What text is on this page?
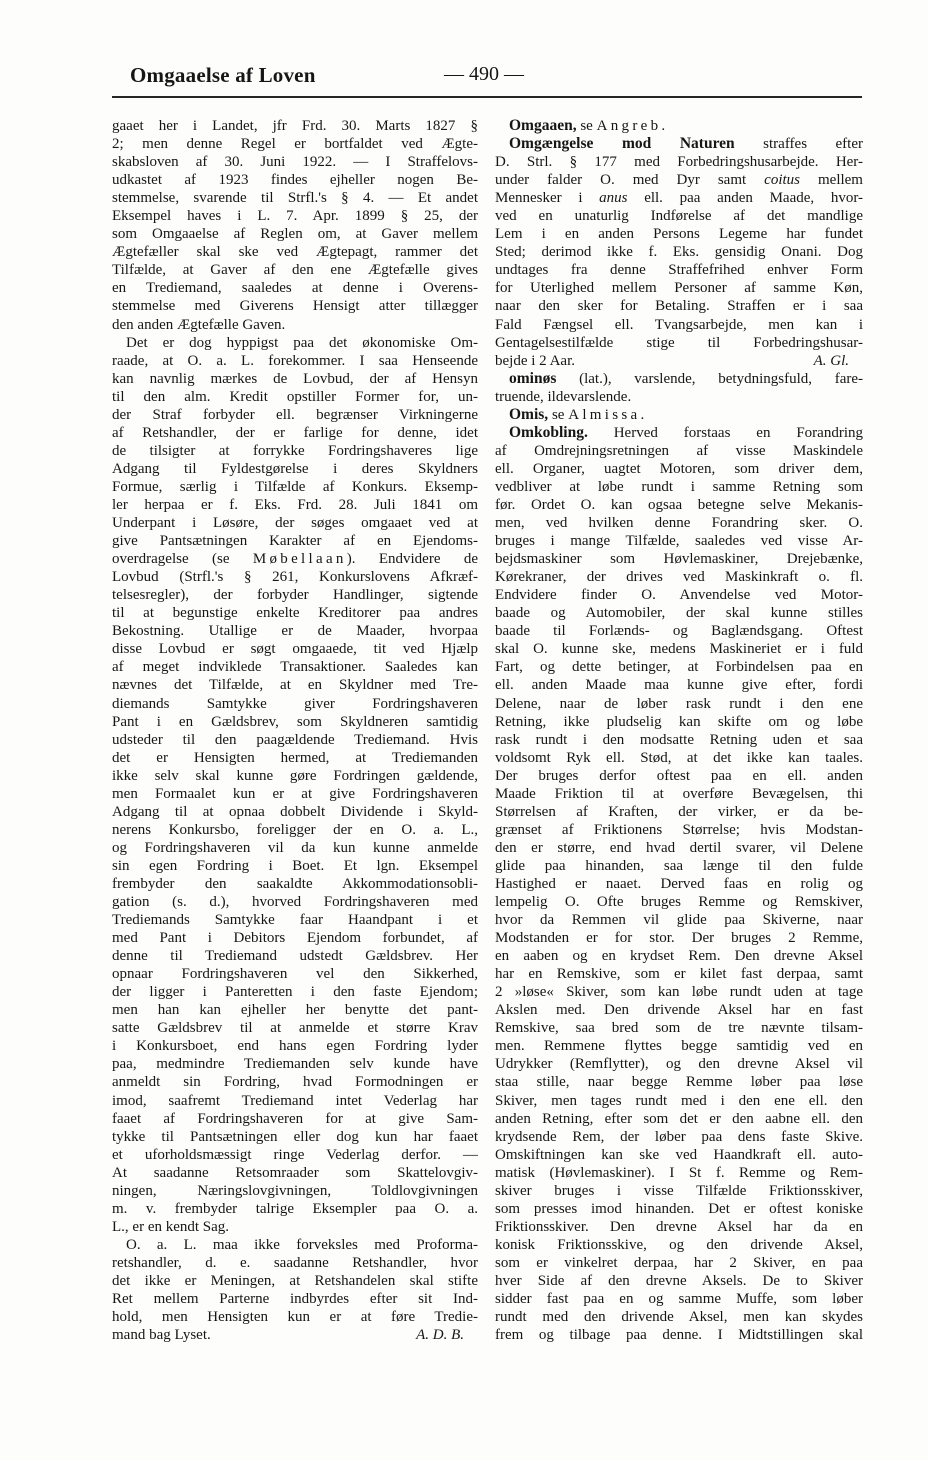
Omgaaelse af Loven	— 490 —
gaaet her i Landet, jfr Frd. 30. Marts 1827 §
2; men denne Regel er bortfaldet ved Ægte-
skabsloven af 30. Juni 1922. — I Straffelovs-
udkastet af 1923 findes ejheller nogen Be-
stemmelse, svarende til Strfl.'s § 4. — Et andet
Eksempel haves i L. 7. Apr. 1899 § 25, der
som Omgaaelse af Reglen om, at Gaver mellem
Ægtefæller skal ske ved Ægtepagt, rammer det
Tilfælde, at Gaver af den ene Ægtefælle gives
en Trediemand, saaledes at denne i Overens-
stemmelse med Giverens Hensigt atter tillægger
den anden Ægtefælle Gaven.
Det er dog hyppigst paa det økonomiske Om-
raade, at O. a. L. forekommer. I saa Henseende
kan navnlig mærkes de Lovbud, der af Hensyn
til den alm. Kredit opstiller Former for, un-
der Straf forbyder ell. begrænser Virkningerne
af Retshandler, der er farlige for denne, idet
de tilsigter at forrykke Fordringshaveres lige
Adgang til Fyldestgørelse i deres Skyldners
Formue, særlig i Tilfælde af Konkurs. Eksemp-
ler herpaa er f. Eks. Frd. 28. Juli 1841 om
Underpant i Løsøre, der søges omgaaet ved at
give Pantsætningen Karakter af en Ejendoms-
overdragelse (se Møbellaan). Endvidere de
Lovbud (Strfl.'s § 261, Konkurslovens Afkræf-
telsesregler), der forbyder Handlinger, sigtende
til at begunstige enkelte Kreditorer paa andres
Bekostning. Utallige er de Maader, hvorpaa
disse Lovbud er søgt omgaaede, tit ved Hjælp
af meget indviklede Transaktioner. Saaledes kan
nævnes det Tilfælde, at en Skyldner med Tre-
diemands Samtykke giver Fordringshaveren
Pant i en Gældsbrev, som Skyldneren samtidig
udsteder til den paagældende Trediemand. Hvis
det er Hensigten hermed, at Trediemanden
ikke selv skal kunne gøre Fordringen gældende,
men Formaalet kun er at give Fordringshaveren
Adgang til at opnaa dobbelt Dividende i Skyld-
nerens Konkursbo, foreligger der en O. a. L.,
og Fordringshaveren vil da kun kunne anmelde
sin egen Fordring i Boet. Et lgn. Eksempel
frembyder den saakaldte Akkommodationsobli-
gation (s. d.), hvorved Fordringshaveren med
Trediemands Samtykke faar Haandpant i et
med Pant i Debitors Ejendom forbundet, af
denne til Trediemand udstedt Gældsbrev. Her
opnaar Fordringshaveren vel den Sikkerhed,
der ligger i Panteretten i den faste Ejendom;
men han kan ejheller her benytte det pant-
satte Gældsbrev til at anmelde et større Krav
i Konkursboet, end hans egen Fordring lyder
paa, medmindre Trediemanden selv kunde have
anmeldt sin Fordring, hvad Formodningen er
imod, saafremt Trediemand intet Vederlag har
faaet af Fordringshaveren for at give Sam-
tykke til Pantsætningen eller dog kun har faaet
et uforholdsmæssigt ringe Vederlag derfor. —
At saadanne Retsomraader som Skattelovgiv-
ningen, Næringslovgivningen, Toldlovgivningen
m. v. frembyder talrige Eksempler paa O. a.
L., er en kendt Sag.
O. a. L. maa ikke forveksles med Proforma-
retshandler, d. e. saadanne Retshandler, hvor
det ikke er Meningen, at Retshandelen skal stifte
Ret mellem Parterne indbyrdes efter sit Ind-
hold, men Hensigten kun er at føre Tredie-
mand bag Lyset.	A. D. B.
Omgaaen, se Angreb.
Omgængelse mod Naturen straffes efter
D. Strl. § 177 med Forbedringshusarbejde. Her-
under falder O. med Dyr samt coitus mellem
Mennesker i anus ell. paa anden Maade, hvor-
ved en unaturlig Indførelse af det mandlige
Lem i en anden Persons Legeme har fundet
Sted; derimod ikke f. Eks. gensidig Onani. Dog
undtages fra denne Straffefrihed enhver Form
for Uterlighed mellem Personer af samme Køn,
naar den sker for Betaling. Straffen er i saa
Fald Fængsel ell. Tvangsarbejde, men kan i
Gentagelsestilfælde stige til Forbedringshusar-
bejde i 2 Aar.	A. Gl.
ominøs (lat.), varslende, betydningsfuld, fare-
truende, ildevarslende.
Omis, se Almissa.
Omkobling. Herved forstaas en Forandring
af Omdrejningsretningen af visse Maskindele
ell. Organer, uagtet Motoren, som driver dem,
vedbliver at løbe rundt i samme Retning som
før. Ordet O. kan ogsaa betegne selve Mekanis-
men, ved hvilken denne Forandring sker. O.
bruges i mange Tilfælde, saaledes ved visse Ar-
bejdsmaskiner som Høvlemaskiner, Drejebænke,
Kørekraner, der drives ved Maskinkraft o. fl.
Endvidere finder O. Anvendelse ved Motor-
baade og Automobiler, der skal kunne stilles
baade til Forlænds- og Baglændsgang. Oftest
skal O. kunne ske, medens Maskineriet er i fuld
Fart, og dette betinger, at Forbindelsen paa en
ell. anden Maade maa kunne give efter, fordi
Delene, naar de løber rask rundt i den ene
Retning, ikke pludselig kan skifte om og løbe
rask rundt i den modsatte Retning uden et saa
voldsomt Ryk ell. Stød, at det ikke kan taales.
Der bruges derfor oftest paa en ell. anden
Maade Friktion til at overføre Bevægelsen, thi
Størrelsen af Kraften, der virker, er da be-
grænset af Friktionens Størrelse; hvis Modstan-
den er større, end hvad dertil svarer, vil Delene
glide paa hinanden, saa længe til den fulde
Hastighed er naaet. Derved faas en rolig og
lempelig O. Ofte bruges Remme og Remskiver,
hvor da Remmen vil glide paa Skiverne, naar
Modstanden er for stor. Der bruges 2 Remme,
en aaben og en krydset Rem. Den drevne Aksel
har en Remskive, som er kilet fast derpaa, samt
2 »løse« Skiver, som kan løbe rundt uden at tage
Akslen med. Den drivende Aksel har en fast
Remskive, saa bred som de tre nævnte tilsam-
men. Remmene flyttes begge samtidig ved en
Udrykker (Remflytter), og den drevne Aksel vil
staa stille, naar begge Remme løber paa løse
Skiver, men tages rundt med i den ene ell. den
anden Retning, efter som det er den aabne ell. den
krydsende Rem, der løber paa dens faste Skive.
Omskiftningen kan ske ved Haandkraft ell. auto-
matisk (Høvlemaskiner). I St f. Remme og Rem-
skiver bruges i visse Tilfælde Friktionsskiver,
som presses imod hinanden. Det er oftest koniske
Friktionsskiver. Den drevne Aksel har da en
konisk Friktionsskive, og den drivende Aksel,
som er vinkelret derpaa, har 2 Skiver, en paa
hver Side af den drevne Aksels. De to Skiver
sidder fast paa en og samme Muffe, som løber
rundt med den drivende Aksel, men kan skydes
frem og tilbage paa denne. I Midtstillingen skal
